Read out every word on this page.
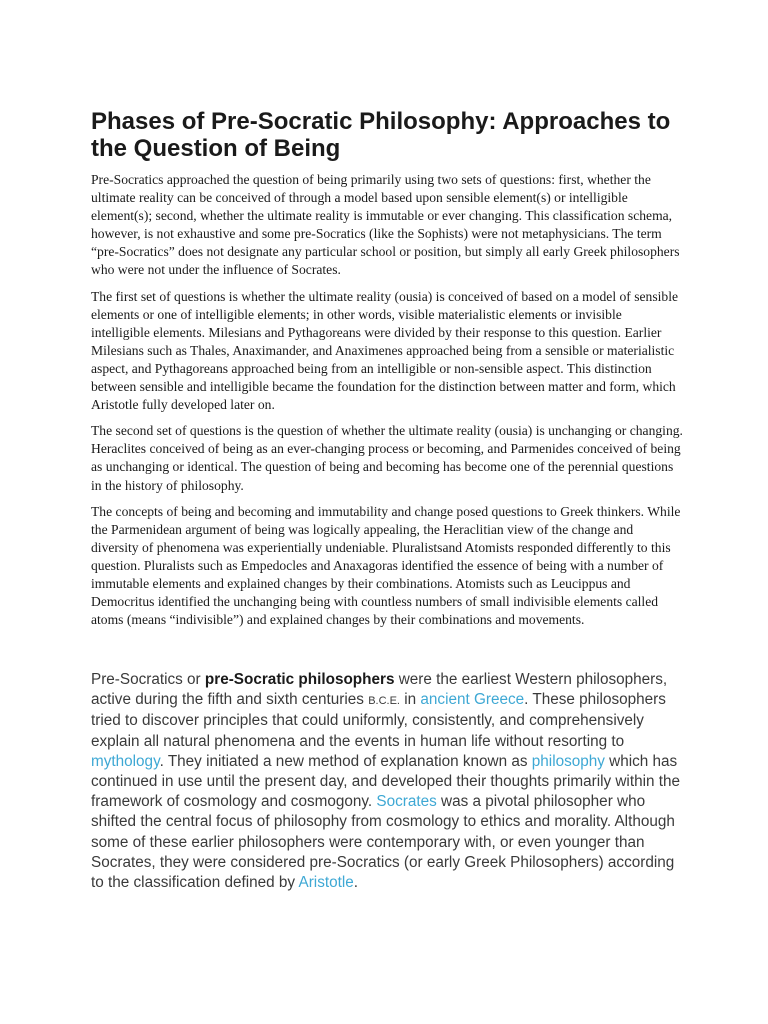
Phases of Pre-Socratic Philosophy: Approaches to the Question of Being

Pre-Socratics approached the question of being primarily using two sets of questions: first, whether the ultimate reality can be conceived of through a model based upon sensible element(s) or intelligible element(s); second, whether the ultimate reality is immutable or ever changing. This classification schema, however, is not exhaustive and some pre-Socratics (like the Sophists) were not metaphysicians. The term “pre-Socratics” does not designate any particular school or position, but simply all early Greek philosophers who were not under the influence of Socrates.

The first set of questions is whether the ultimate reality (ousia) is conceived of based on a model of sensible elements or one of intelligible elements; in other words, visible materialistic elements or invisible intelligible elements. Milesians and Pythagoreans were divided by their response to this question. Earlier Milesians such as Thales, Anaximander, and Anaximenes approached being from a sensible or materialistic aspect, and Pythagoreans approached being from an intelligible or non-sensible aspect. This distinction between sensible and intelligible became the foundation for the distinction between matter and form, which Aristotle fully developed later on.

The second set of questions is the question of whether the ultimate reality (ousia) is unchanging or changing. Heraclites conceived of being as an ever-changing process or becoming, and Parmenides conceived of being as unchanging or identical. The question of being and becoming has become one of the perennial questions in the history of philosophy.

The concepts of being and becoming and immutability and change posed questions to Greek thinkers. While the Parmenidean argument of being was logically appealing, the Heraclitian view of the change and diversity of phenomena was experientially undeniable. Pluralistsand Atomists responded differently to this question. Pluralists such as Empedocles and Anaxagoras identified the essence of being with a number of immutable elements and explained changes by their combinations. Atomists such as Leucippus and Democritus identified the unchanging being with countless numbers of small indivisible elements called atoms (means “indivisible”) and explained changes by their combinations and movements.

Pre-Socratics or pre-Socratic philosophers were the earliest Western philosophers, active during the fifth and sixth centuries B.C.E. in ancient Greece. These philosophers tried to discover principles that could uniformly, consistently, and comprehensively explain all natural phenomena and the events in human life without resorting to mythology. They initiated a new method of explanation known as philosophy which has continued in use until the present day, and developed their thoughts primarily within the framework of cosmology and cosmogony. Socrates was a pivotal philosopher who shifted the central focus of philosophy from cosmology to ethics and morality. Although some of these earlier philosophers were contemporary with, or even younger than Socrates, they were considered pre-Socratics (or early Greek Philosophers) according to the classification defined by Aristotle.
